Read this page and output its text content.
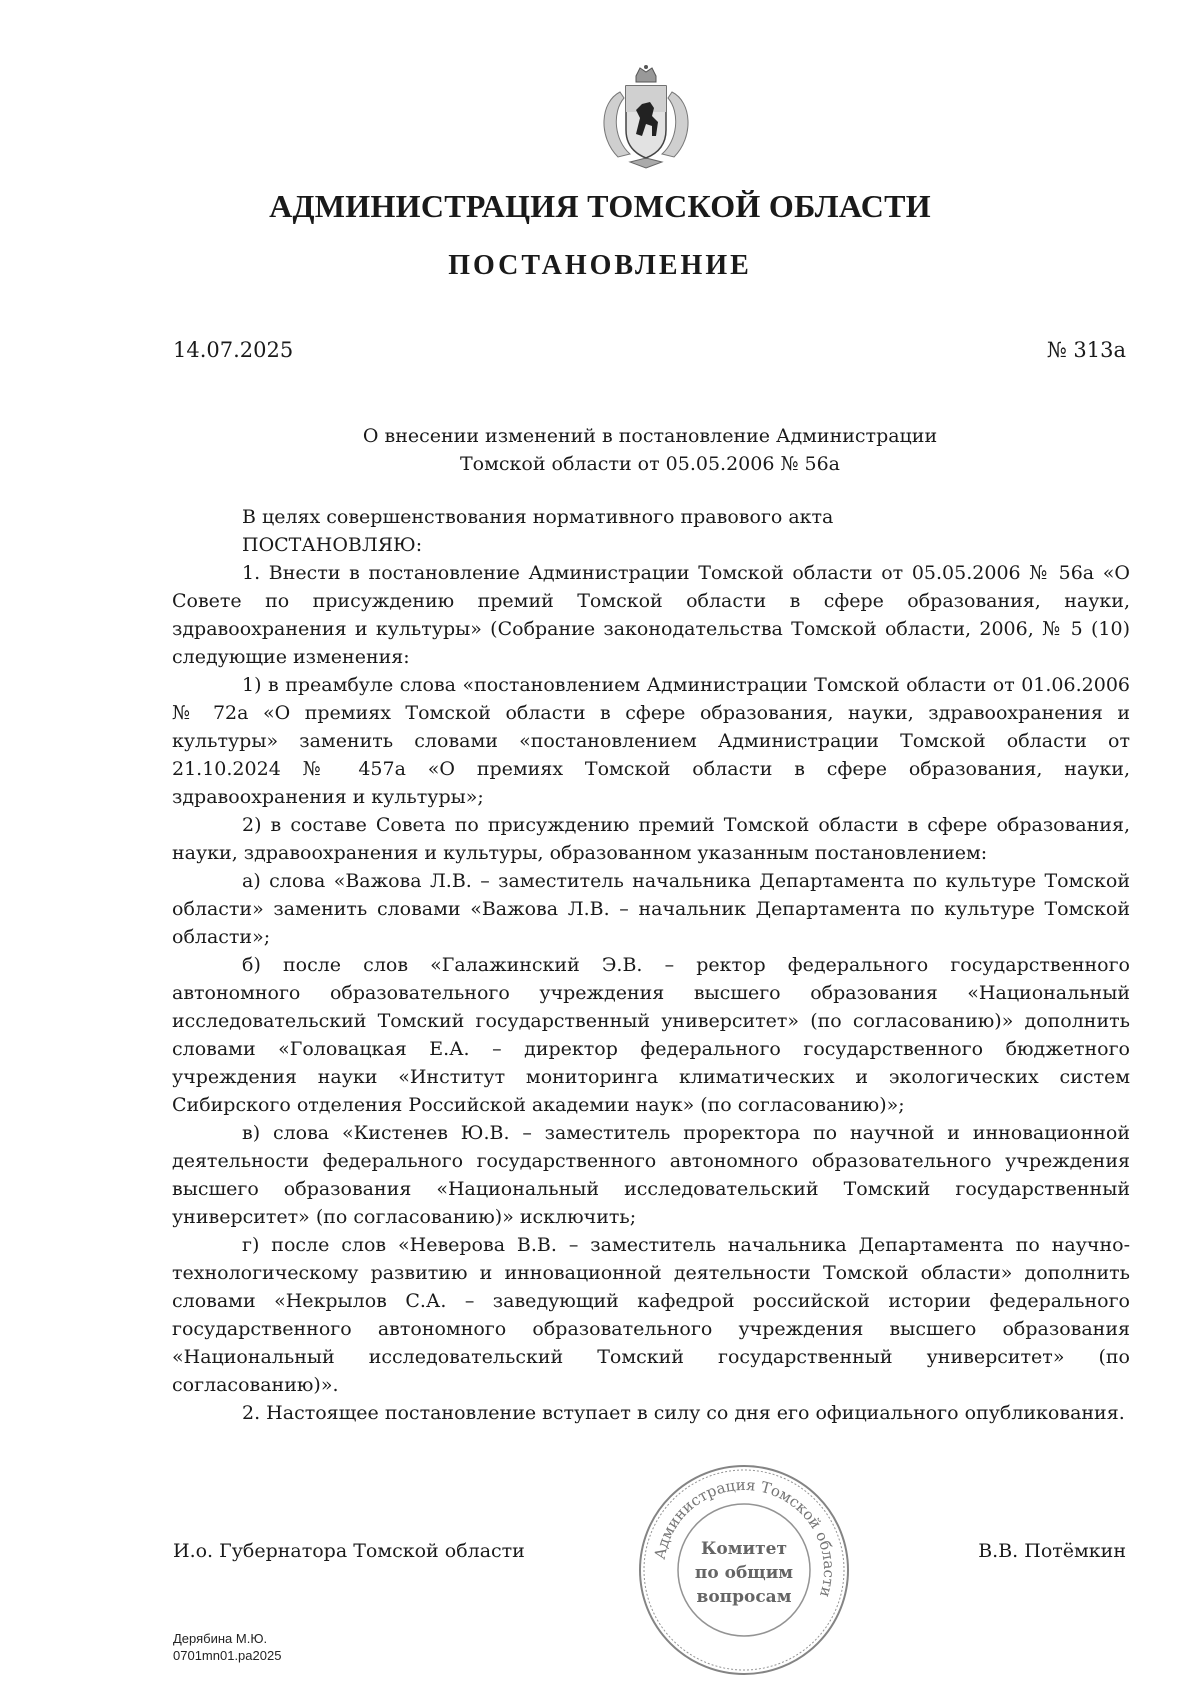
АДМИНИСТРАЦИЯ ТОМСКОЙ ОБЛАСТИ
ПОСТАНОВЛЕНИЕ
14.07.2025	№ 313а
О внесении изменений в постановление Администрации
Томской области от 05.05.2006 № 56а

В целях совершенствования нормативного правового акта

ПОСТАНОВЛЯЮ:

1. Внести в постановление Администрации Томской области от 05.05.2006 № 56а «О Совете по присуждению премий Томской области в сфере образования, науки, здравоохранения и культуры» (Собрание законодательства Томской области, 2006, № 5 (10) следующие изменения:

1) в преамбуле слова «постановлением Администрации Томской области от 01.06.2006 № 72а «О премиях Томской области в сфере образования, науки, здравоохранения и культуры» заменить словами «постановлением Администрации Томской области от 21.10.2024 № 457а «О премиях Томской области в сфере образования, науки, здравоохранения и культуры»;

2) в составе Совета по присуждению премий Томской области в сфере образования, науки, здравоохранения и культуры, образованном указанным постановлением:

а) слова «Важова Л.В. – заместитель начальника Департамента по культуре Томской области» заменить словами «Важова Л.В. – начальник Департамента по культуре Томской области»;

б) после слов «Галажинский Э.В. – ректор федерального государственного автономного образовательного учреждения высшего образования «Национальный исследовательский Томский государственный университет» (по согласованию)» дополнить словами «Головацкая Е.А. – директор федерального государственного бюджетного учреждения науки «Институт мониторинга климатических и экологических систем Сибирского отделения Российской академии наук» (по согласованию)»;

в) слова «Кистенев Ю.В. – заместитель проректора по научной и инновационной деятельности федерального государственного автономного образовательного учреждения высшего образования «Национальный исследовательский Томский государственный университет» (по согласованию)» исключить;

г) после слов «Неверова В.В. – заместитель начальника Департамента по научно-технологическому развитию и инновационной деятельности Томской области» дополнить словами «Некрылов С.А. – заведующий кафедрой российской истории федерального государственного автономного образовательного учреждения высшего образования «Национальный исследовательский Томский государственный университет» (по согласованию)».

2. Настоящее постановление вступает в силу со дня его официального опубликования.

И.о. Губернатора Томской области	В.В. Потёмкин
Администрация Томской области
Комитет
по общим
вопросам
Дерябина М.Ю.
0701mn01.pa2025
